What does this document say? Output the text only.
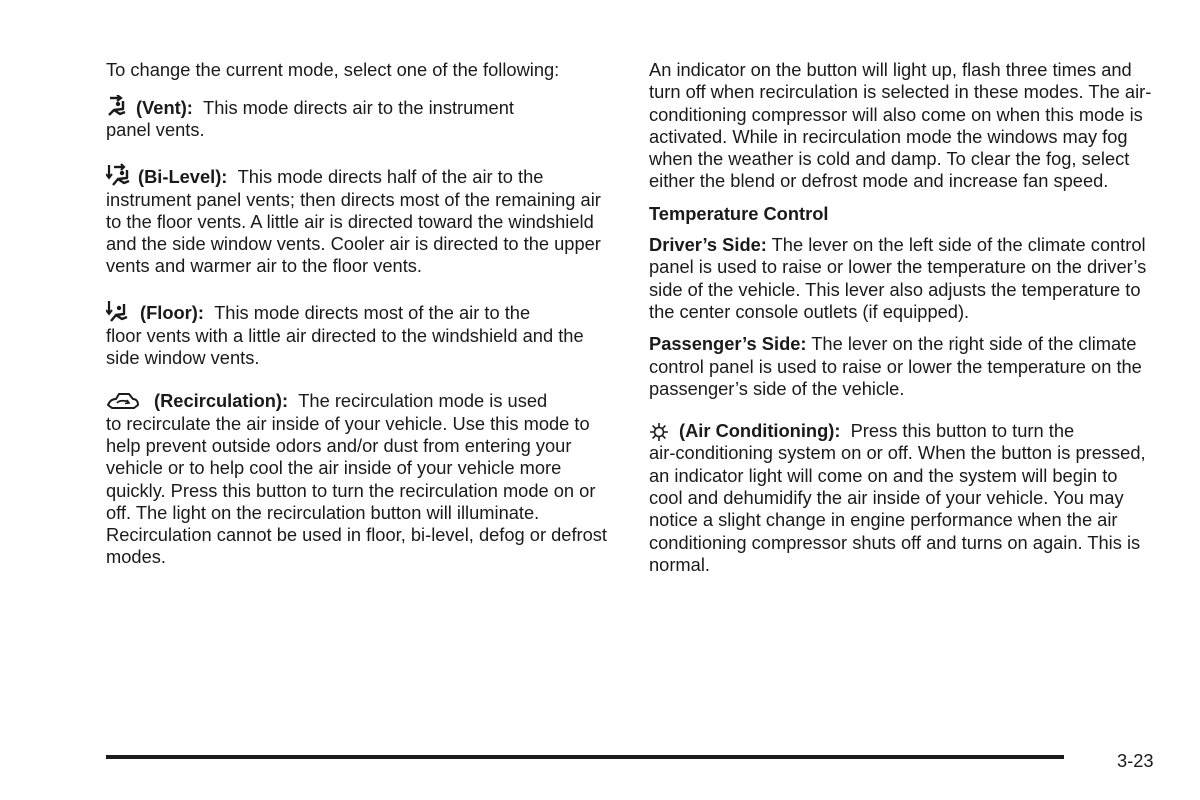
To change the current mode, select one of the following:

(Vent):
This mode directs air to the instrument

panel vents.

(Bi-Level):
This mode directs half of the air to the

instrument panel vents; then directs most of the remaining air to the floor vents. A little air is directed toward the windshield and the side window vents. Cooler air is directed to the upper vents and warmer air to the floor vents.

(Floor):
This mode directs most of the air to the

floor vents with a little air directed to the windshield and the side window vents.

(Recirculation):
The recirculation mode is used

to recirculate the air inside of your vehicle. Use this mode to help prevent outside odors and/or dust from entering your vehicle or to help cool the air inside of your vehicle more quickly. Press this button to turn the recirculation mode on or off. The light on the recirculation button will illuminate. Recirculation cannot be used in floor, bi-level, defog or defrost modes.

An indicator on the button will light up, flash three times and turn off when recirculation is selected in these modes. The air-conditioning compressor will also come on when this mode is activated. While in recirculation mode the windows may fog when the weather is cold and damp. To clear the fog, select either the blend or defrost mode and increase fan speed.

Temperature Control

Driver’s Side: The lever on the left side of the climate control panel is used to raise or lower the temperature on the driver’s side of the vehicle. This lever also adjusts the temperature to the center console outlets (if equipped).

Passenger’s Side: The lever on the right side of the climate control panel is used to raise or lower the temperature on the passenger’s side of the vehicle.

(Air Conditioning):
Press this button to turn the

air-conditioning system on or off. When the button is pressed, an indicator light will come on and the system will begin to cool and dehumidify the air inside of your vehicle. You may notice a slight change in engine performance when the air conditioning compressor shuts off and turns on again. This is normal.

3-23
